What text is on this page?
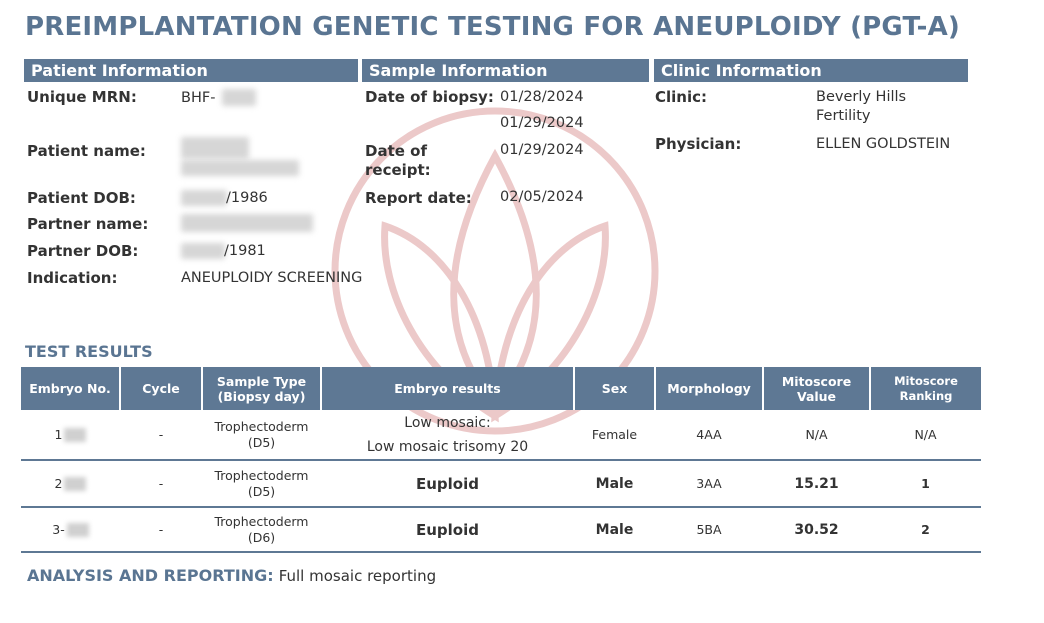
PREIMPLANTATION GENETIC TESTING FOR ANEUPLOIDY (PGT-A)
Patient Information	Sample Information	Clinic Information
Unique MRN:	BHF-
Patient name:
Patient DOB:	/1986
Partner name:
Partner DOB:	/1981
Indication:	ANEUPLOIDY SCREENING
Date of biopsy: 01/28/2024
01/29/2024
Date of
receipt:
01/29/2024
Report date: 02/05/2024
Clinic:	Beverly Hills
Fertility
Physician:	ELLEN GOLDSTEIN
TEST RESULTS
Embryo No.	Cycle	Sample Type
(Biopsy day)	Embryo results	Sex	Morphology	Mitoscore
Value	Mitoscore
Ranking
1	-	Trophectoderm
(D5)	Low mosaic:
Low mosaic trisomy 20	Female	4AA	N/A	N/A
2	-	Trophectoderm
(D5)	Euploid	Male	3AA	15.21	1
3-	-	Trophectoderm
(D6)	Euploid	Male	5BA	30.52	2
ANALYSIS AND REPORTING: Full mosaic reporting
